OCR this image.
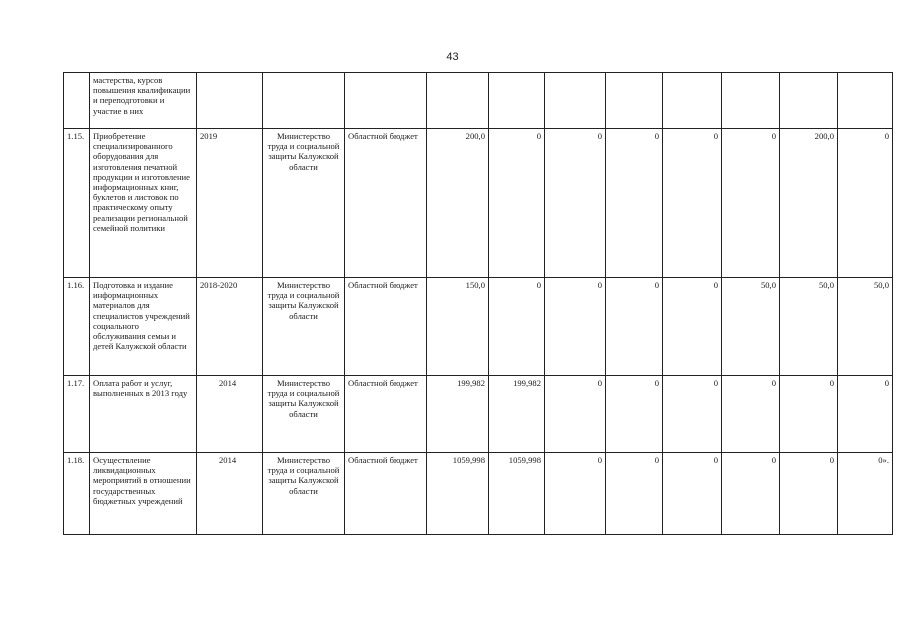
43
	мастерства, курсов повышения квалификации и переподготовки и участие в них											
1.15.	Приобретение специализированного оборудования для изготовления печатной продукции и изготовление информационных книг, буклетов и листовок по практическому опыту реализации региональной семейной политики	2019	Министерство труда и социальной защиты Калужской области	Областной бюджет	200,0	0	0	0	0	0	200,0	0
1.16.	Подготовка и издание информационных материалов для специалистов учреждений социального обслуживания семьи и детей Калужской области	2018-2020	Министерство труда и социальной защиты Калужской области	Областной бюджет	150,0	0	0	0	0	50,0	50,0	50,0
1.17.	Оплата работ и услуг, выполненных в 2013 году	2014	Министерство труда и социальной защиты Калужской области	Областной бюджет	199,982	199,982	0	0	0	0	0	0
1.18.	Осуществление ликвидационных мероприятий в отношении государственных бюджетных учреждений	2014	Министерство труда и социальной защиты Калужской области	Областной бюджет	1059,998	1059,998	0	0	0	0	0	0».
